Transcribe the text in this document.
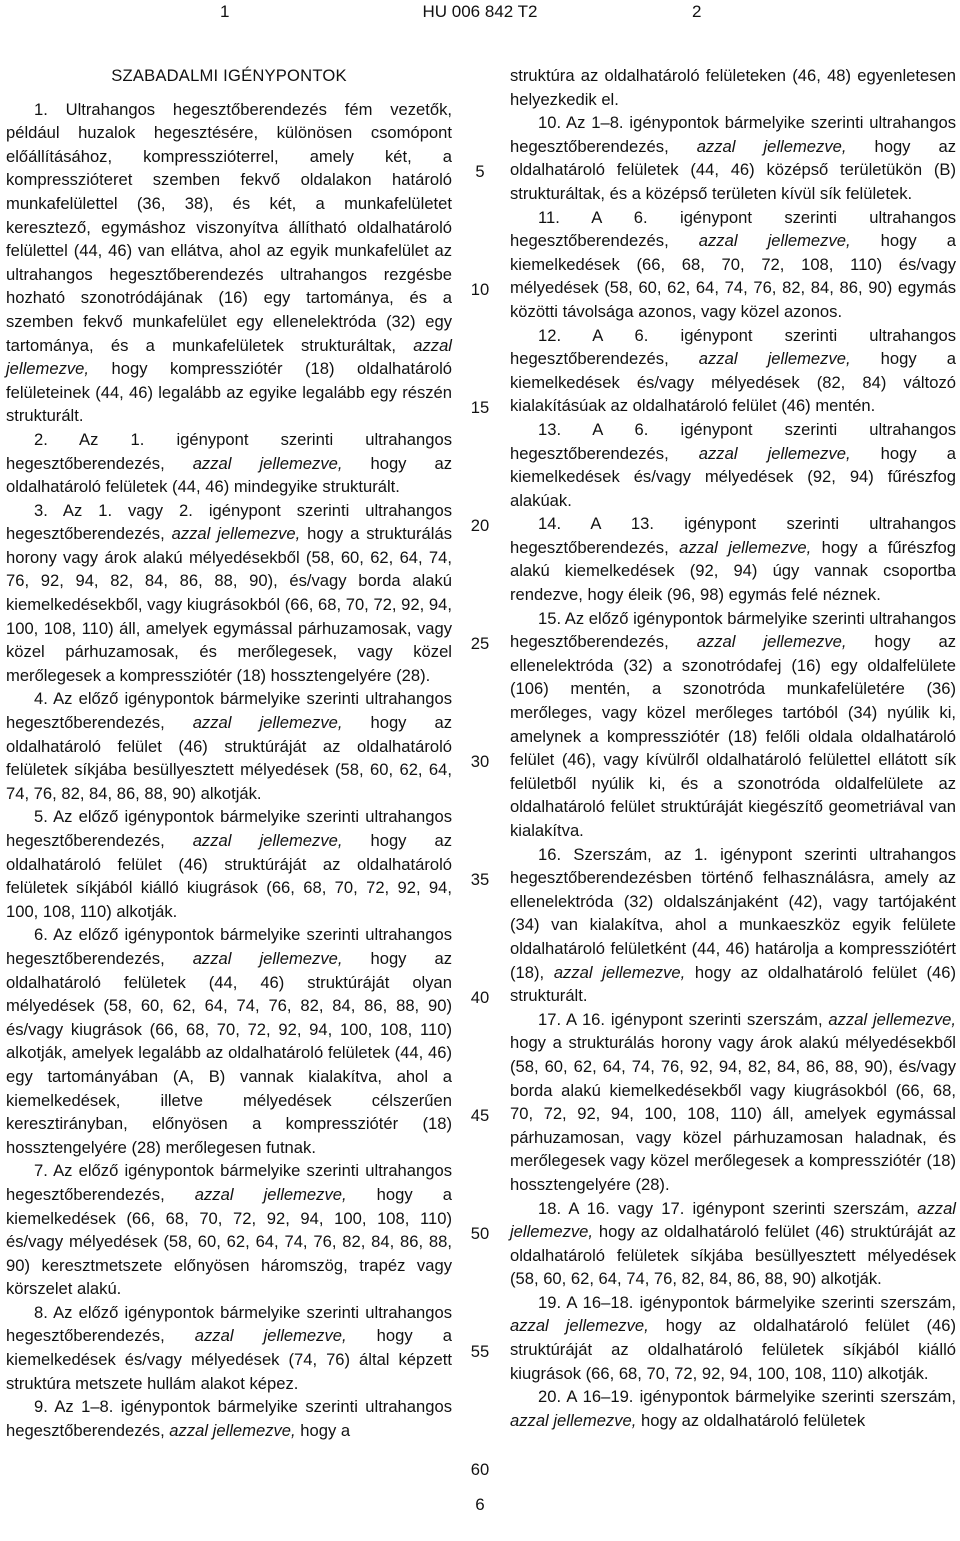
1	HU 006 842 T2	2
SZABADALMI IGÉNYPONTOK

1. Ultrahangos hegesztőberendezés fém vezetők, például huzalok hegesztésére, különösen csomópont előállításához, kompresszióterrel, amely két, a kompresszióteret szemben fekvő oldalakon határoló munkafelülettel (36, 38), és két, a munkafelületet keresztező, egymáshoz viszonyítva állítható oldalhatároló felülettel (44, 46) van ellátva, ahol az egyik munkafelület az ultrahangos hegesztőberendezés ultrahangos rezgésbe hozható szonotródájának (16) egy tartománya, és a szemben fekvő munkafelület egy ellenelektróda (32) egy tartománya, és a munkafelületek strukturáltak, azzal jellemezve, hogy kompressziótér (18) oldalhatároló felületeinek (44, 46) legalább az egyike legalább egy részén strukturált.

2. Az 1. igénypont szerinti ultrahangos hegesztőberendezés, azzal jellemezve, hogy az oldalhatároló felületek (44, 46) mindegyike strukturált.

3. Az 1. vagy 2. igénypont szerinti ultrahangos hegesztőberendezés, azzal jellemezve, hogy a strukturálás horony vagy árok alakú mélyedésekből (58, 60, 62, 64, 74, 76, 92, 94, 82, 84, 86, 88, 90), és/vagy borda alakú kiemelkedésekből, vagy kiugrásokból (66, 68, 70, 72, 92, 94, 100, 108, 110) áll, amelyek egymással párhuzamosak, vagy közel párhuzamosak, és merőlegesek, vagy közel merőlegesek a kompressziótér (18) hossztengelyére (28).

4. Az előző igénypontok bármelyike szerinti ultrahangos hegesztőberendezés, azzal jellemezve, hogy az oldalhatároló felület (46) struktúráját az oldalhatároló felületek síkjába besüllyesztett mélyedések (58, 60, 62, 64, 74, 76, 82, 84, 86, 88, 90) alkotják.

5. Az előző igénypontok bármelyike szerinti ultrahangos hegesztőberendezés, azzal jellemezve, hogy az oldalhatároló felület (46) struktúráját az oldalhatároló felületek síkjából kiálló kiugrások (66, 68, 70, 72, 92, 94, 100, 108, 110) alkotják.

6. Az előző igénypontok bármelyike szerinti ultrahangos hegesztőberendezés, azzal jellemezve, hogy az oldalhatároló felületek (44, 46) struktúráját olyan mélyedések (58, 60, 62, 64, 74, 76, 82, 84, 86, 88, 90) és/vagy kiugrások (66, 68, 70, 72, 92, 94, 100, 108, 110) alkotják, amelyek legalább az oldalhatároló felületek (44, 46) egy tartományában (A, B) vannak kialakítva, ahol a kiemelkedések, illetve mélyedések célszerűen keresztirányban, előnyösen a kompressziótér (18) hossztengelyére (28) merőlegesen futnak.

7. Az előző igénypontok bármelyike szerinti ultrahangos hegesztőberendezés, azzal jellemezve, hogy a kiemelkedések (66, 68, 70, 72, 92, 94, 100, 108, 110) és/vagy mélyedések (58, 60, 62, 64, 74, 76, 82, 84, 86, 88, 90) keresztmetszete előnyösen háromszög, trapéz vagy körszelet alakú.

8. Az előző igénypontok bármelyike szerinti ultrahangos hegesztőberendezés, azzal jellemezve, hogy a kiemelkedések és/vagy mélyedések (74, 76) által képzett struktúra metszete hullám alakot képez.

9. Az 1–8. igénypontok bármelyike szerinti ultrahangos hegesztőberendezés, azzal jellemezve, hogy a

struktúra az oldalhatároló felületeken (46, 48) egyenletesen helyezkedik el.

10. Az 1–8. igénypontok bármelyike szerinti ultrahangos hegesztőberendezés, azzal jellemezve, hogy az oldalhatároló felületek (44, 46) középső területükön (B) strukturáltak, és a középső területen kívül sík felületek.

11. A 6. igénypont szerinti ultrahangos hegesztőberendezés, azzal jellemezve, hogy a kiemelkedések (66, 68, 70, 72, 108, 110) és/vagy mélyedések (58, 60, 62, 64, 74, 76, 82, 84, 86, 90) egymás közötti távolsága azonos, vagy közel azonos.

12. A 6. igénypont szerinti ultrahangos hegesztőberendezés, azzal jellemezve, hogy a kiemelkedések és/vagy mélyedések (82, 84) változó kialakításúak az oldalhatároló felület (46) mentén.

13. A 6. igénypont szerinti ultrahangos hegesztőberendezés, azzal jellemezve, hogy a kiemelkedések és/vagy mélyedések (92, 94) fűrészfog alakúak.

14. A 13. igénypont szerinti ultrahangos hegesztőberendezés, azzal jellemezve, hogy a fűrészfog alakú kiemelkedések (92, 94) úgy vannak csoportba rendezve, hogy éleik (96, 98) egymás felé néznek.

15. Az előző igénypontok bármelyike szerinti ultrahangos hegesztőberendezés, azzal jellemezve, hogy az ellenelektróda (32) a szonotródafej (16) egy oldalfelülete (106) mentén, a szonotróda munkafelületére (36) merőleges, vagy közel merőleges tartóból (34) nyúlik ki, amelynek a kompressziótér (18) felőli oldala oldalhatároló felület (46), vagy kívülről oldalhatároló felülettel ellátott sík felületből nyúlik ki, és a szonotróda oldalfelülete az oldalhatároló felület struktúráját kiegészítő geometriával van kialakítva.

16. Szerszám, az 1. igénypont szerinti ultrahangos hegesztőberendezésben történő felhasználásra, amely az ellenelektróda (32) oldalszánjaként (42), vagy tartójaként (34) van kialakítva, ahol a munkaeszköz egyik felülete oldalhatároló felületként (44, 46) határolja a kompressziótért (18), azzal jellemezve, hogy az oldalhatároló felület (46) strukturált.

17. A 16. igénypont szerinti szerszám, azzal jellemezve, hogy a strukturálás horony vagy árok alakú mélyedésekből (58, 60, 62, 64, 74, 76, 92, 94, 82, 84, 86, 88, 90), és/vagy borda alakú kiemelkedésekből vagy kiugrásokból (66, 68, 70, 72, 92, 94, 100, 108, 110) áll, amelyek egymással párhuzamosan, vagy közel párhuzamosan haladnak, és merőlegesek vagy közel merőlegesek a kompressziótér (18) hossztengelyére (28).

18. A 16. vagy 17. igénypont szerinti szerszám, azzal jellemezve, hogy az oldalhatároló felület (46) struktúráját az oldalhatároló felületek síkjába besüllyesztett mélyedések (58, 60, 62, 64, 74, 76, 82, 84, 86, 88, 90) alkotják.

19. A 16–18. igénypontok bármelyike szerinti szerszám, azzal jellemezve, hogy az oldalhatároló felület (46) struktúráját az oldalhatároló felületek síkjából kiálló kiugrások (66, 68, 70, 72, 92, 94, 100, 108, 110) alkotják.

20. A 16–19. igénypontok bármelyike szerinti szerszám, azzal jellemezve, hogy az oldalhatároló felületek

5
10
15
20
25
30
35
40
45
50
55
60
6
